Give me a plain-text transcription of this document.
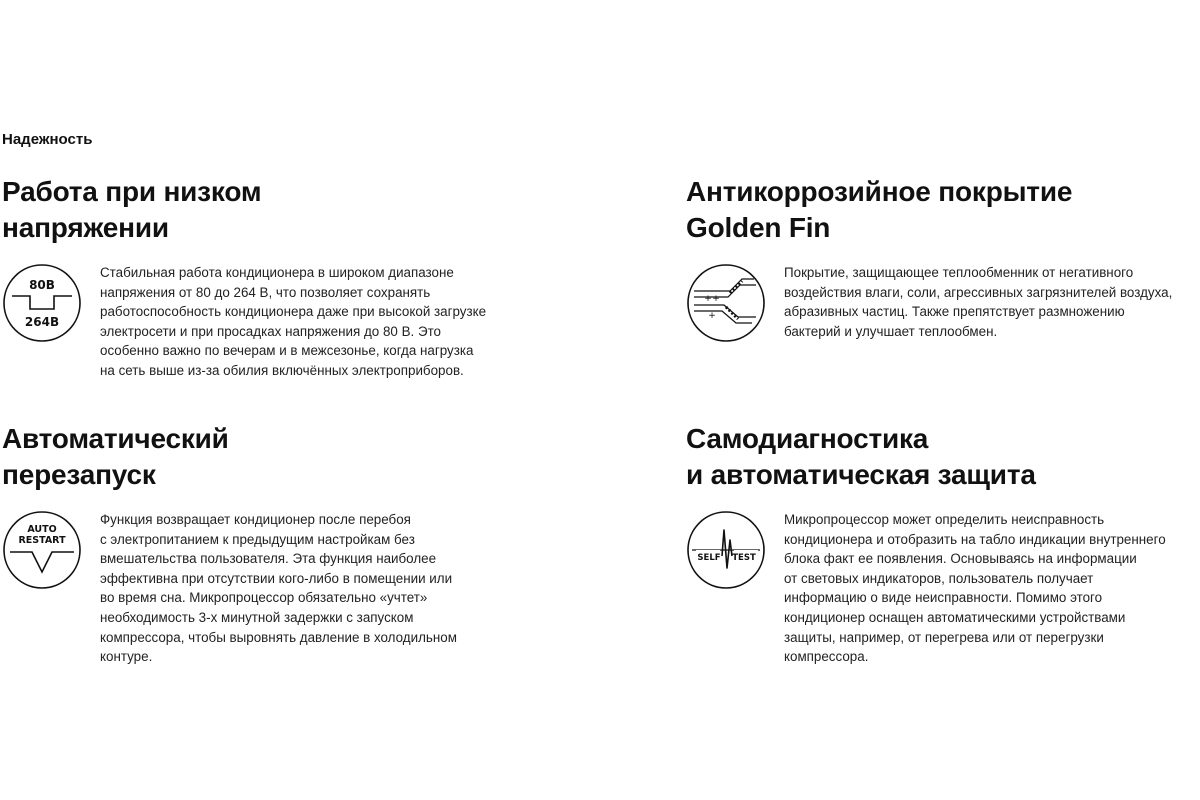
Надежность
Работа при низком
напряжении
80В
264В
Стабильная работа кондиционера в широком диапазоне
напряжения от 80 до 264 В, что позволяет сохранять
работоспособность кондиционера даже при высокой загрузке
электросети и при просадках напряжения до 80 В. Это
особенно важно по вечерам и в межсезонье, когда нагрузка
на сеть выше из-за обилия включённых электроприборов.
Антикоррозийное покрытие
Golden Fin
+ +
+
Покрытие, защищающее теплообменник от негативного
воздействия влаги, соли, агрессивных загрязнителей воздуха,
абразивных частиц. Также препятствует размножению
бактерий и улучшает теплообмен.
Автоматический
перезапуск
AUTO
RESTART
Функция возвращает кондиционер после перебоя
с электропитанием к предыдущим настройкам без
вмешательства пользователя. Эта функция наиболее
эффективна при отсутствии кого-либо в помещении или
во время сна. Микропроцессор обязательно «учтет»
необходимость 3-х минутной задержки с запуском
компрессора, чтобы выровнять давление в холодильном
контуре.
Самодиагностика
и автоматическая защита
SELF TEST
Микропроцессор может определить неисправность
кондиционера и отобразить на табло индикации внутреннего
блока факт ее появления. Основываясь на информации
от световых индикаторов, пользователь получает
информацию о виде неисправности. Помимо этого
кондиционер оснащен автоматическими устройствами
защиты, например, от перегрева или от перегрузки
компрессора.
